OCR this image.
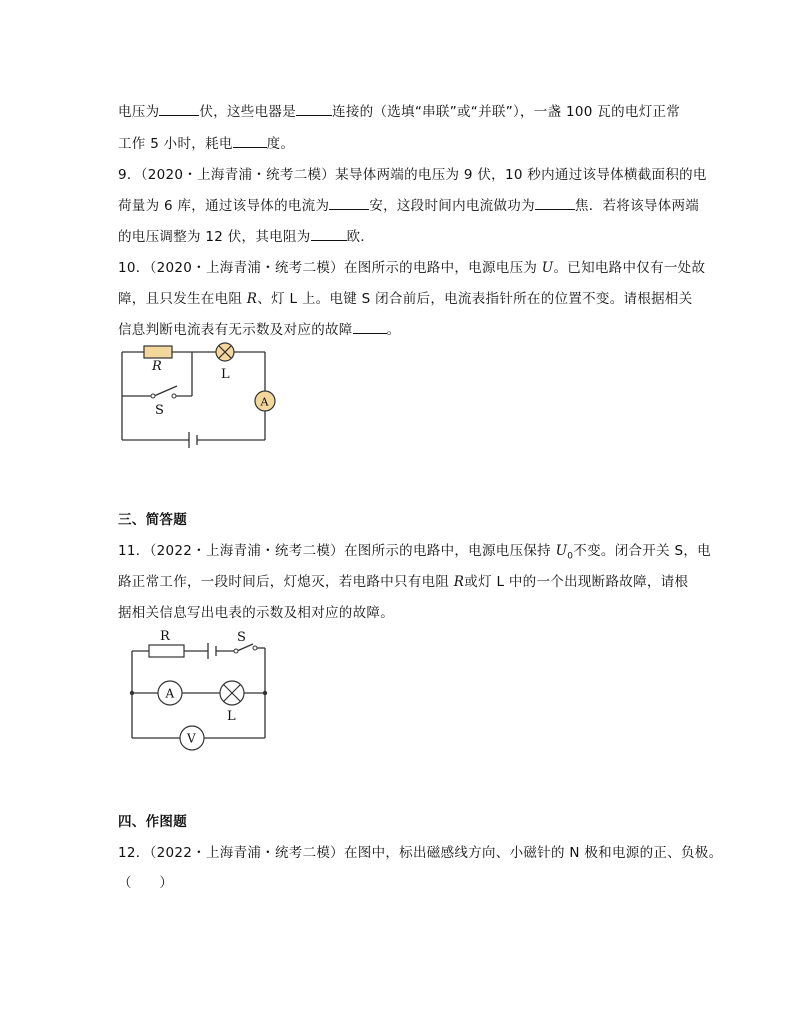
电压为	伏，这些电器是	连接的（选填“串联”或“并联”），一盏 100 瓦的电灯正常
工作 5 小时，耗电	度。
9．（2020・上海青浦・统考二模）某导体两端的电压为 9 伏，10 秒内通过该导体横截面积的电
荷量为 6 库，通过该导体的电流为	安，这段时间内电流做功为	焦．若将该导体两端
的电压调整为 12 伏，其电阻为	欧．
10．（2020・上海青浦・统考二模）在图所示的电路中，电源电压为 U。已知电路中仅有一处故
障，且只发生在电阻 R、灯 L 上。电键 S 闭合前后，电流表指针所在的位置不变。请根据相关
信息判断电流表有无示数及对应的故障	。
R
L
S
A
三、简答题
11．（2022・上海青浦・统考二模）在图所示的电路中，电源电压保持 $U_0$不变。闭合开关 S，电
路正常工作，一段时间后，灯熄灭，若电路中只有电阻 R或灯 L 中的一个出现断路故障，请根
据相关信息写出电表的示数及相对应的故障。
R	S
A
L
V
四、作图题
12．（2022・上海青浦・统考二模）在图中，标出磁感线方向、小磁针的 N 极和电源的正、负极。
（　　）
